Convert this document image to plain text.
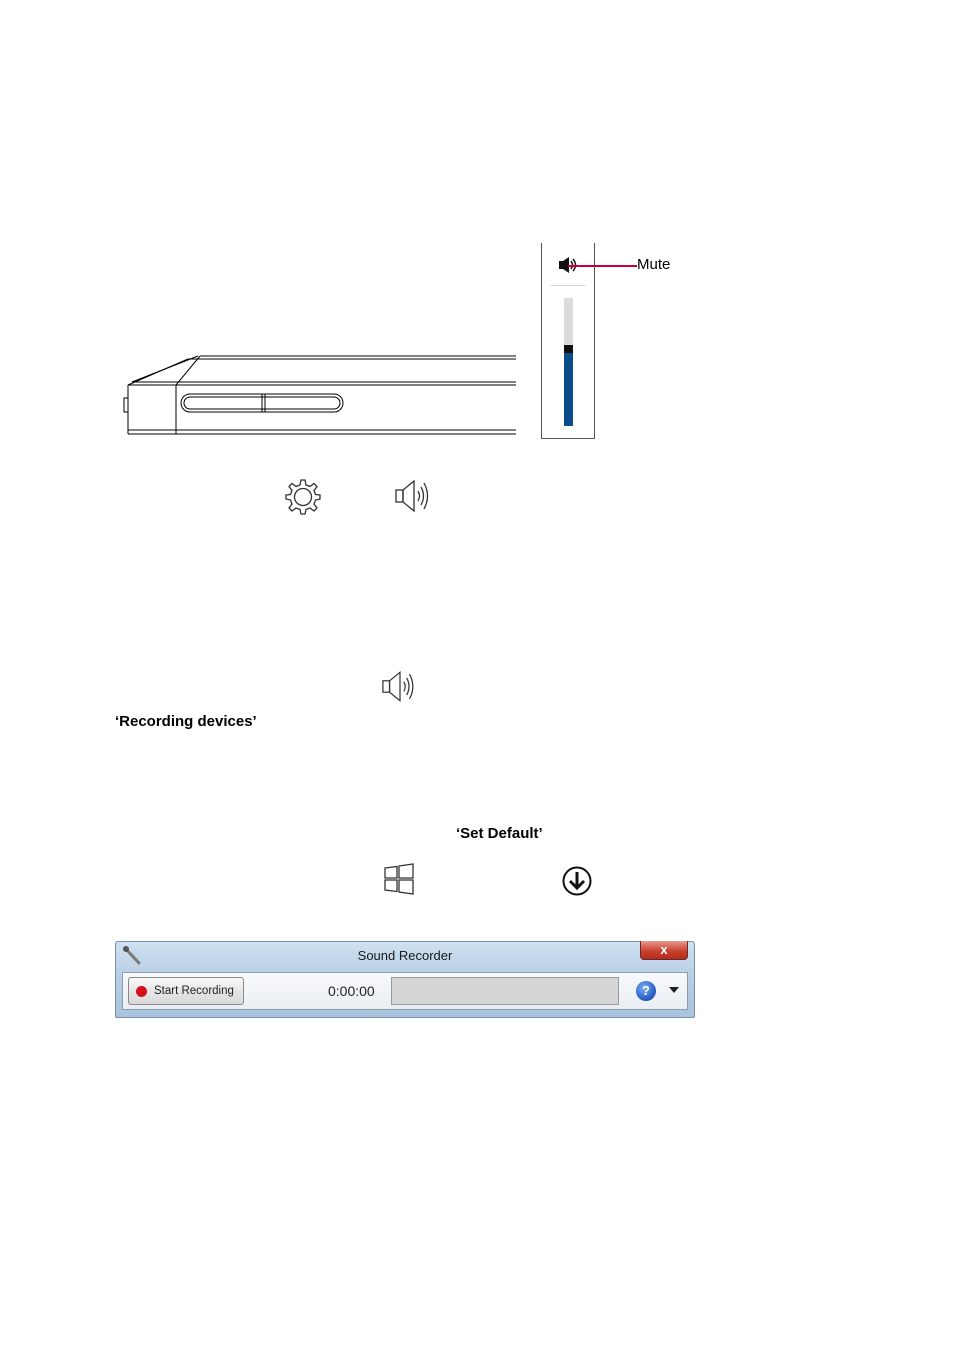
Mute
‘Recording devices’
‘Set Default’
Sound Recorder	x
Start Recording	0:00:00	?
